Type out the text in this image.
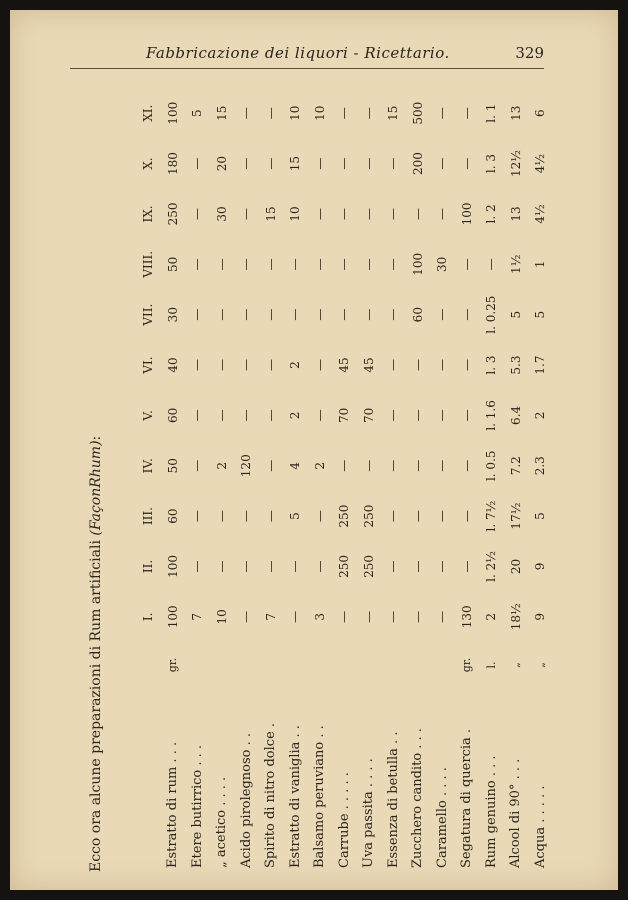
Fabbricazione dei liquori - Ricettario.	329
Ecco ora alcune preparazioni di Rum artificiali (FaçonRhum):
		I.	II.	III.	IV.	V.	VI.	VII.	VIII.	IX.	X.	XI.
Estratto di rum . . .	gr.	100	100	60	50	60	40	30	50	250	180	100
Etere butirrico . . .		7	—	—	—	—	—	—	—	—	—	5
„ acetico . . . .		10	—	—	2	—	—	—	—	30	20	15
Acido pirolegnoso . .		—	—	—	120	—	—	—	—	—	—	—
Spirito di nitro dolce .		7	—	—	—	—	—	—	—	15	—	—
Estratto di vaniglia . .		—	—	5	4	2	2	—	—	10	15	10
Balsamo peruviano . .		3	—	—	2	—	—	—	—	—	—	10
Carrube . . . . .		—	250	250	—	70	45	—	—	—	—	—
Uva passita . . . .		—	250	250	—	70	45	—	—	—	—	—
Essenza di betulla . .		—	—	—	—	—	—	—	—	—	—	15
Zucchero candito . . .		—	—	—	—	—	—	60	100	—	200	500
Caramello . . . .		—	—	—	—	—	—	—	30	—	—	—
Segatura di quercia .	gr.	130	—	—	—	—	—	—	—	100	—	—
Rum genuino . . .	l.	2	l. 2½	l. 7½	l. 0.5	l. 1.6	l. 3	l. 0.25	—	l. 2	l. 3	l. 1
Alcool di 90° . . .	„	18½	20	17½	7.2	6.4	5.3	5	1½	13	12½	13
Acqua . . . . .	„	9	9	5	2.3	2	1.7	5	1	4½	4½	6
